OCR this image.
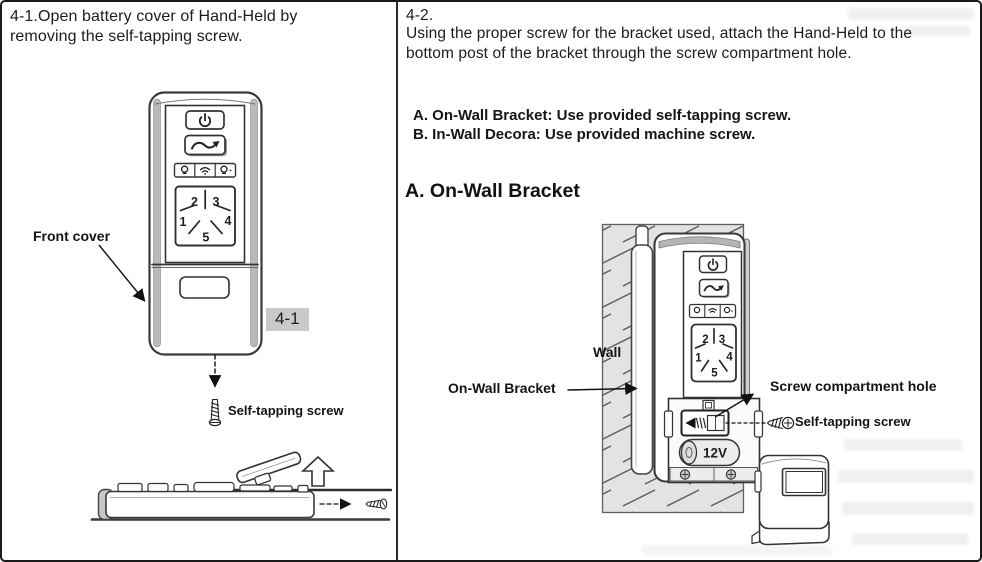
4-1.Open battery cover of Hand-Held by removing the self-tapping screw.
4-2.
Using the proper screw for the bracket used, attach the Hand-Held to the bottom post of the bracket through the screw compartment hole.
A. On-Wall Bracket: Use provided self-tapping screw.
B. In-Wall Decora: Use provided machine screw.
A. On-Wall Bracket
Front cover
4-1
Self-tapping screw
Wall
On-Wall Bracket	Screw compartment hole
Self-tapping screw
2 3
1	4
5
2 3
1 4
5
12V
